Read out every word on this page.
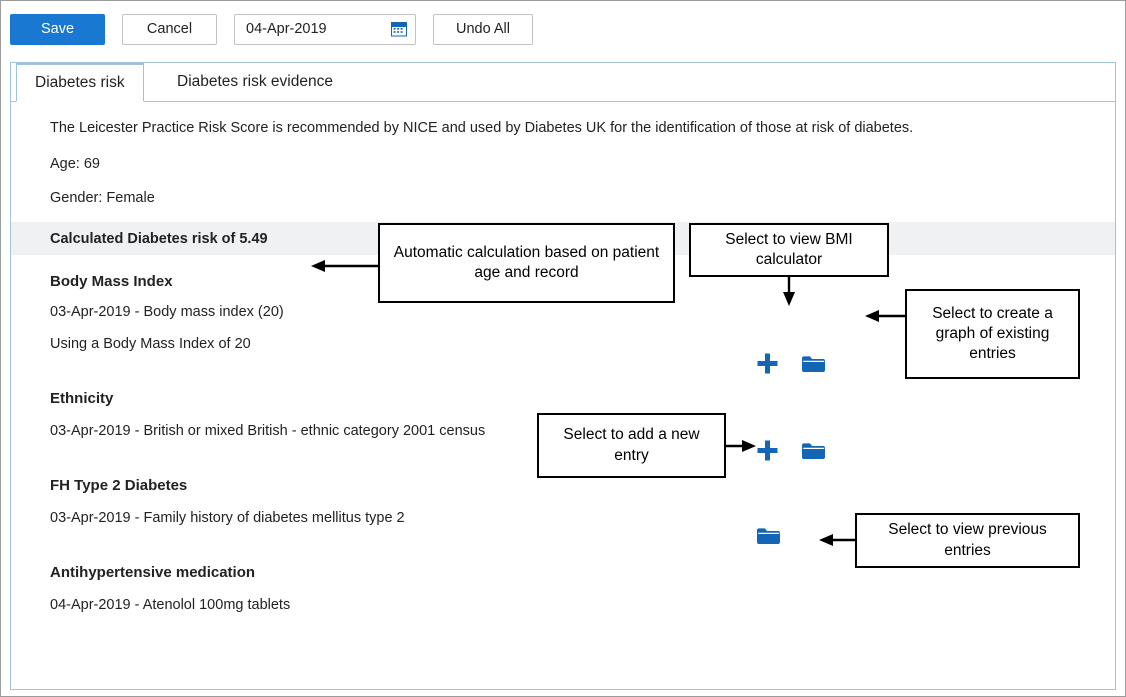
Save	Cancel
04-Apr-2019	Undo All
Diabetes risk	Diabetes risk evidence
The Leicester Practice Risk Score is recommended by NICE and used by Diabetes UK for the identification of those at risk of diabetes.
Age: 69
Gender: Female
Calculated Diabetes risk of 5.49
Body Mass Index
03-Apr-2019 - Body mass index (20)
Using a Body Mass Index of 20
Ethnicity
03-Apr-2019 - British or mixed British - ethnic category 2001 census
FH Type 2 Diabetes
03-Apr-2019 - Family history of diabetes mellitus type 2
Antihypertensive medication
04-Apr-2019 - Atenolol 100mg tablets
Automatic calculation based on patient age and record
Select to view BMI calculator
Select to create a graph of existing entries
Select to add a new entry
Select to view previous entries
